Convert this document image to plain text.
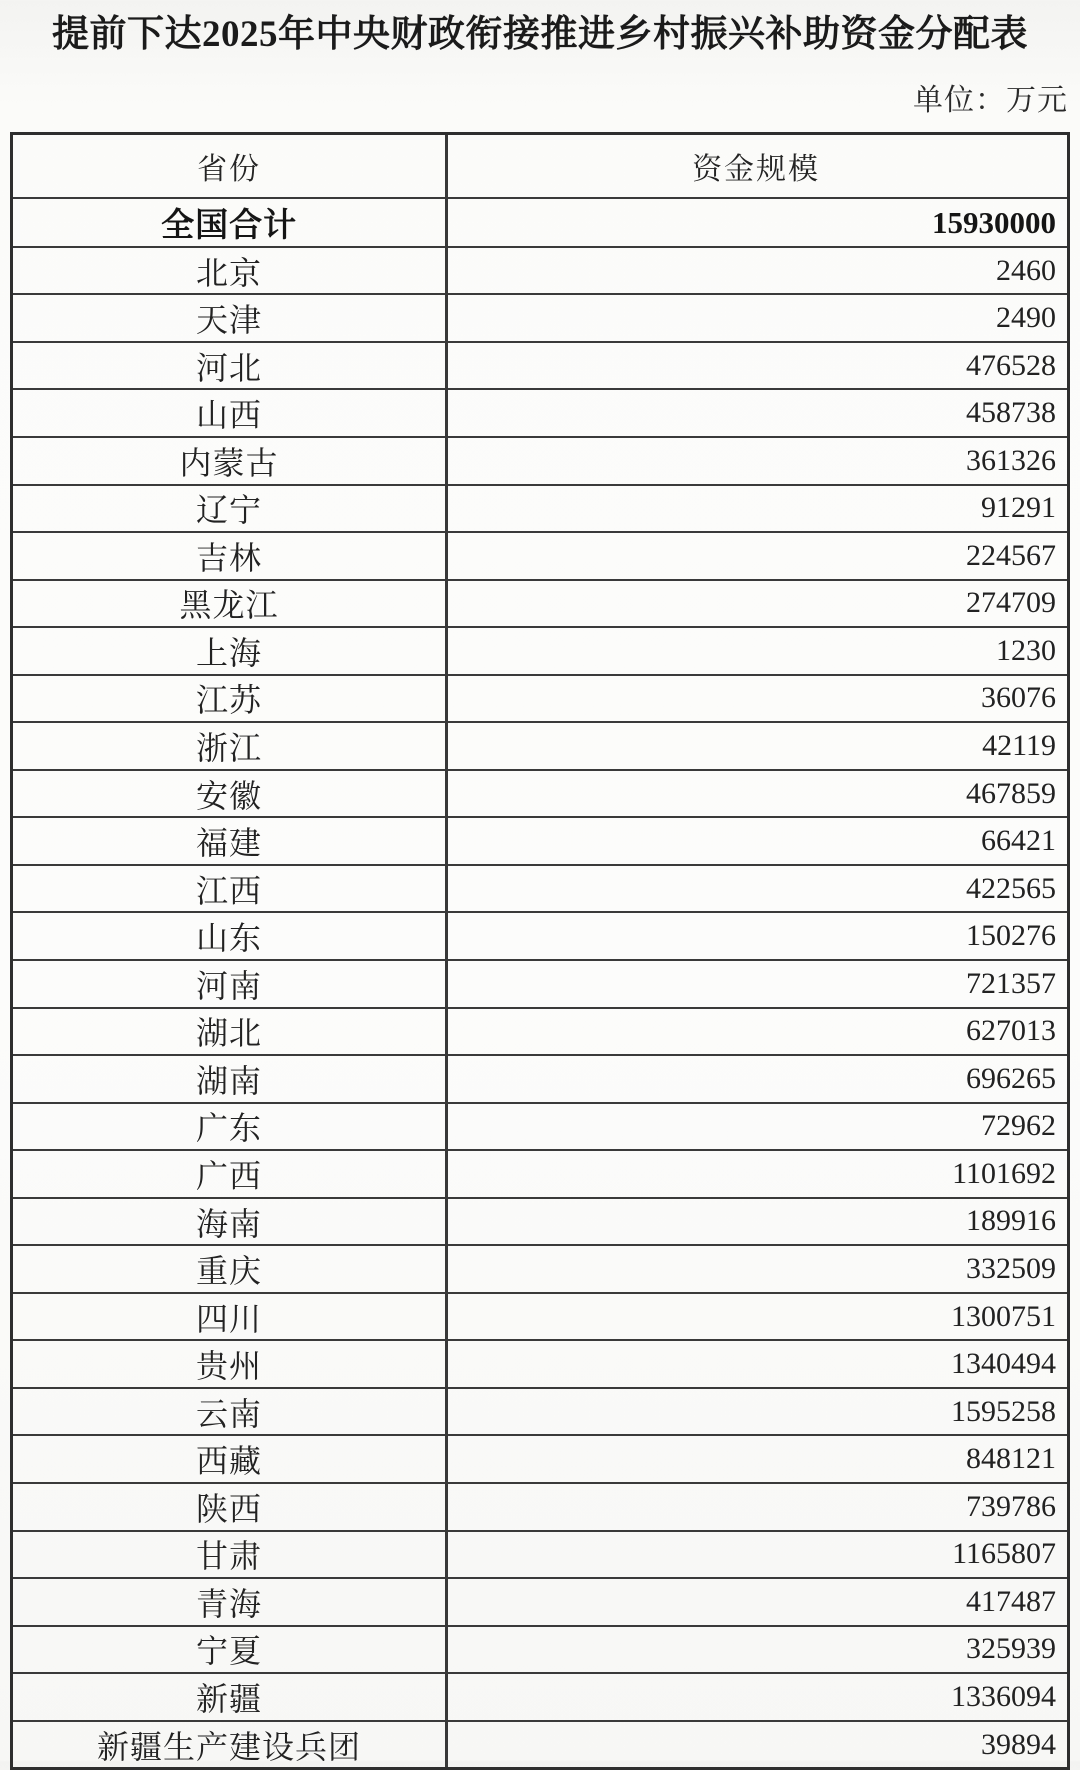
提前下达2025年中央财政衔接推进乡村振兴补助资金分配表
单位：万元
省份	资金规模
全国合计	15930000
北京	2460
天津	2490
河北	476528
山西	458738
内蒙古	361326
辽宁	91291
吉林	224567
黑龙江	274709
上海	1230
江苏	36076
浙江	42119
安徽	467859
福建	66421
江西	422565
山东	150276
河南	721357
湖北	627013
湖南	696265
广东	72962
广西	1101692
海南	189916
重庆	332509
四川	1300751
贵州	1340494
云南	1595258
西藏	848121
陕西	739786
甘肃	1165807
青海	417487
宁夏	325939
新疆	1336094
新疆生产建设兵团	39894
